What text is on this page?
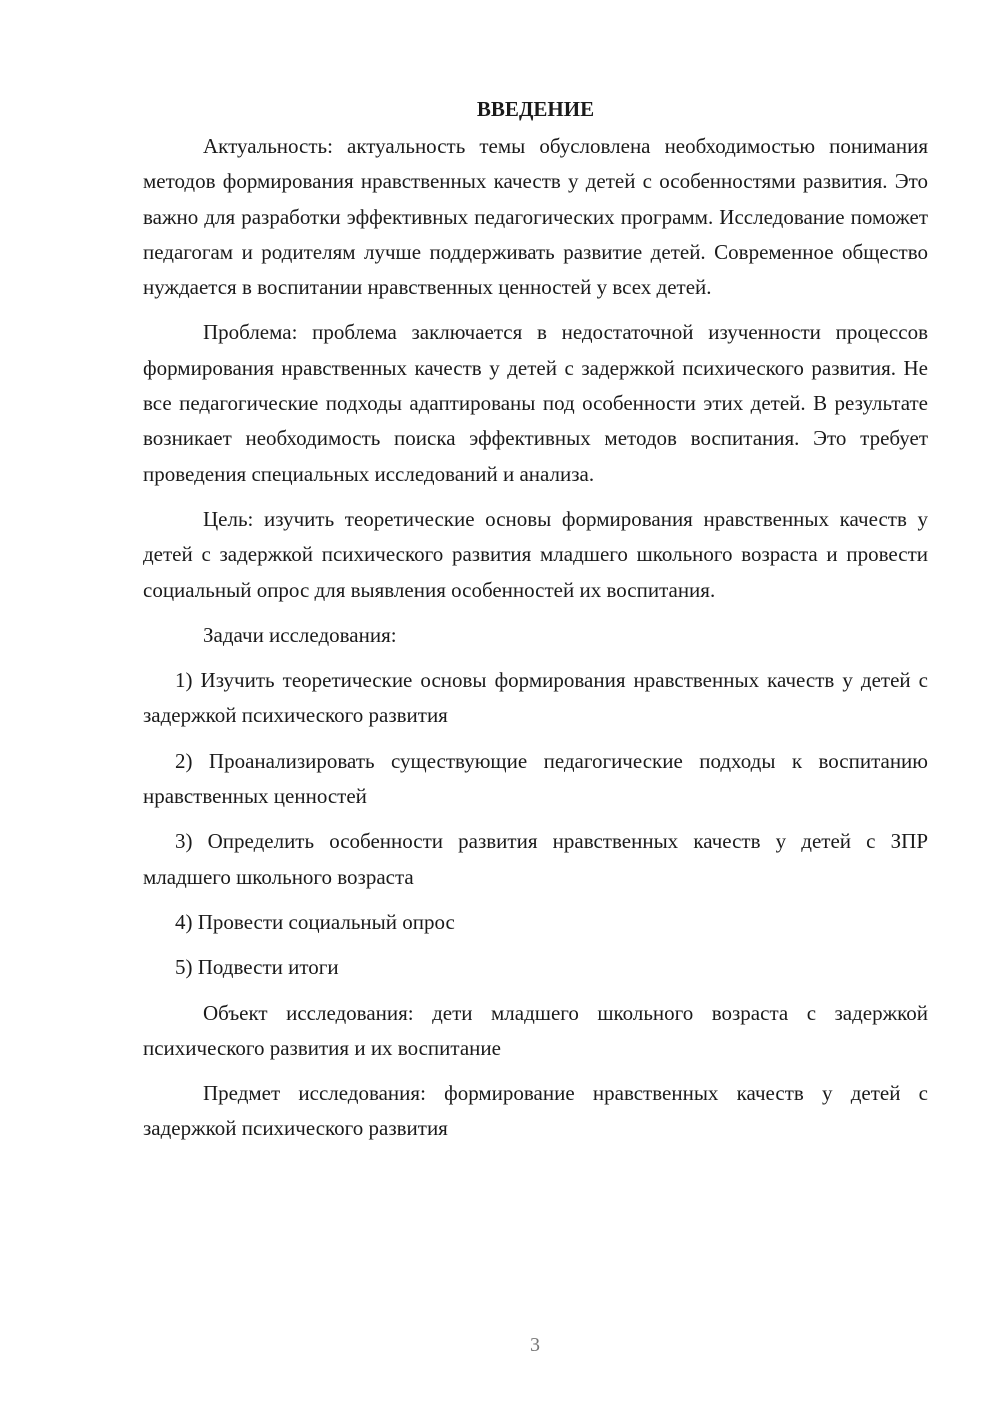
ВВЕДЕНИЕ

Актуальность: актуальность темы обусловлена необходимостью понимания методов формирования нравственных качеств у детей с особенностями развития. Это важно для разработки эффективных педагогических программ. Исследование поможет педагогам и родителям лучше поддерживать развитие детей. Современное общество нуждается в воспитании нравственных ценностей у всех детей.

Проблема: проблема заключается в недостаточной изученности процессов формирования нравственных качеств у детей с задержкой психического развития. Не все педагогические подходы адаптированы под особенности этих детей. В результате возникает необходимость поиска эффективных методов воспитания. Это требует проведения специальных исследований и анализа.

Цель: изучить теоретические основы формирования нравственных качеств у детей с задержкой психического развития младшего школьного возраста и провести социальный опрос для выявления особенностей их воспитания.

Задачи исследования:

1) Изучить теоретические основы формирования нравственных качеств у детей с задержкой психического развития

2) Проанализировать существующие педагогические подходы к воспитанию нравственных ценностей

3) Определить особенности развития нравственных качеств у детей с ЗПР младшего школьного возраста

4) Провести социальный опрос

5) Подвести итоги

Объект исследования: дети младшего школьного возраста с задержкой психического развития и их воспитание

Предмет исследования: формирование нравственных качеств у детей с задержкой психического развития

3
